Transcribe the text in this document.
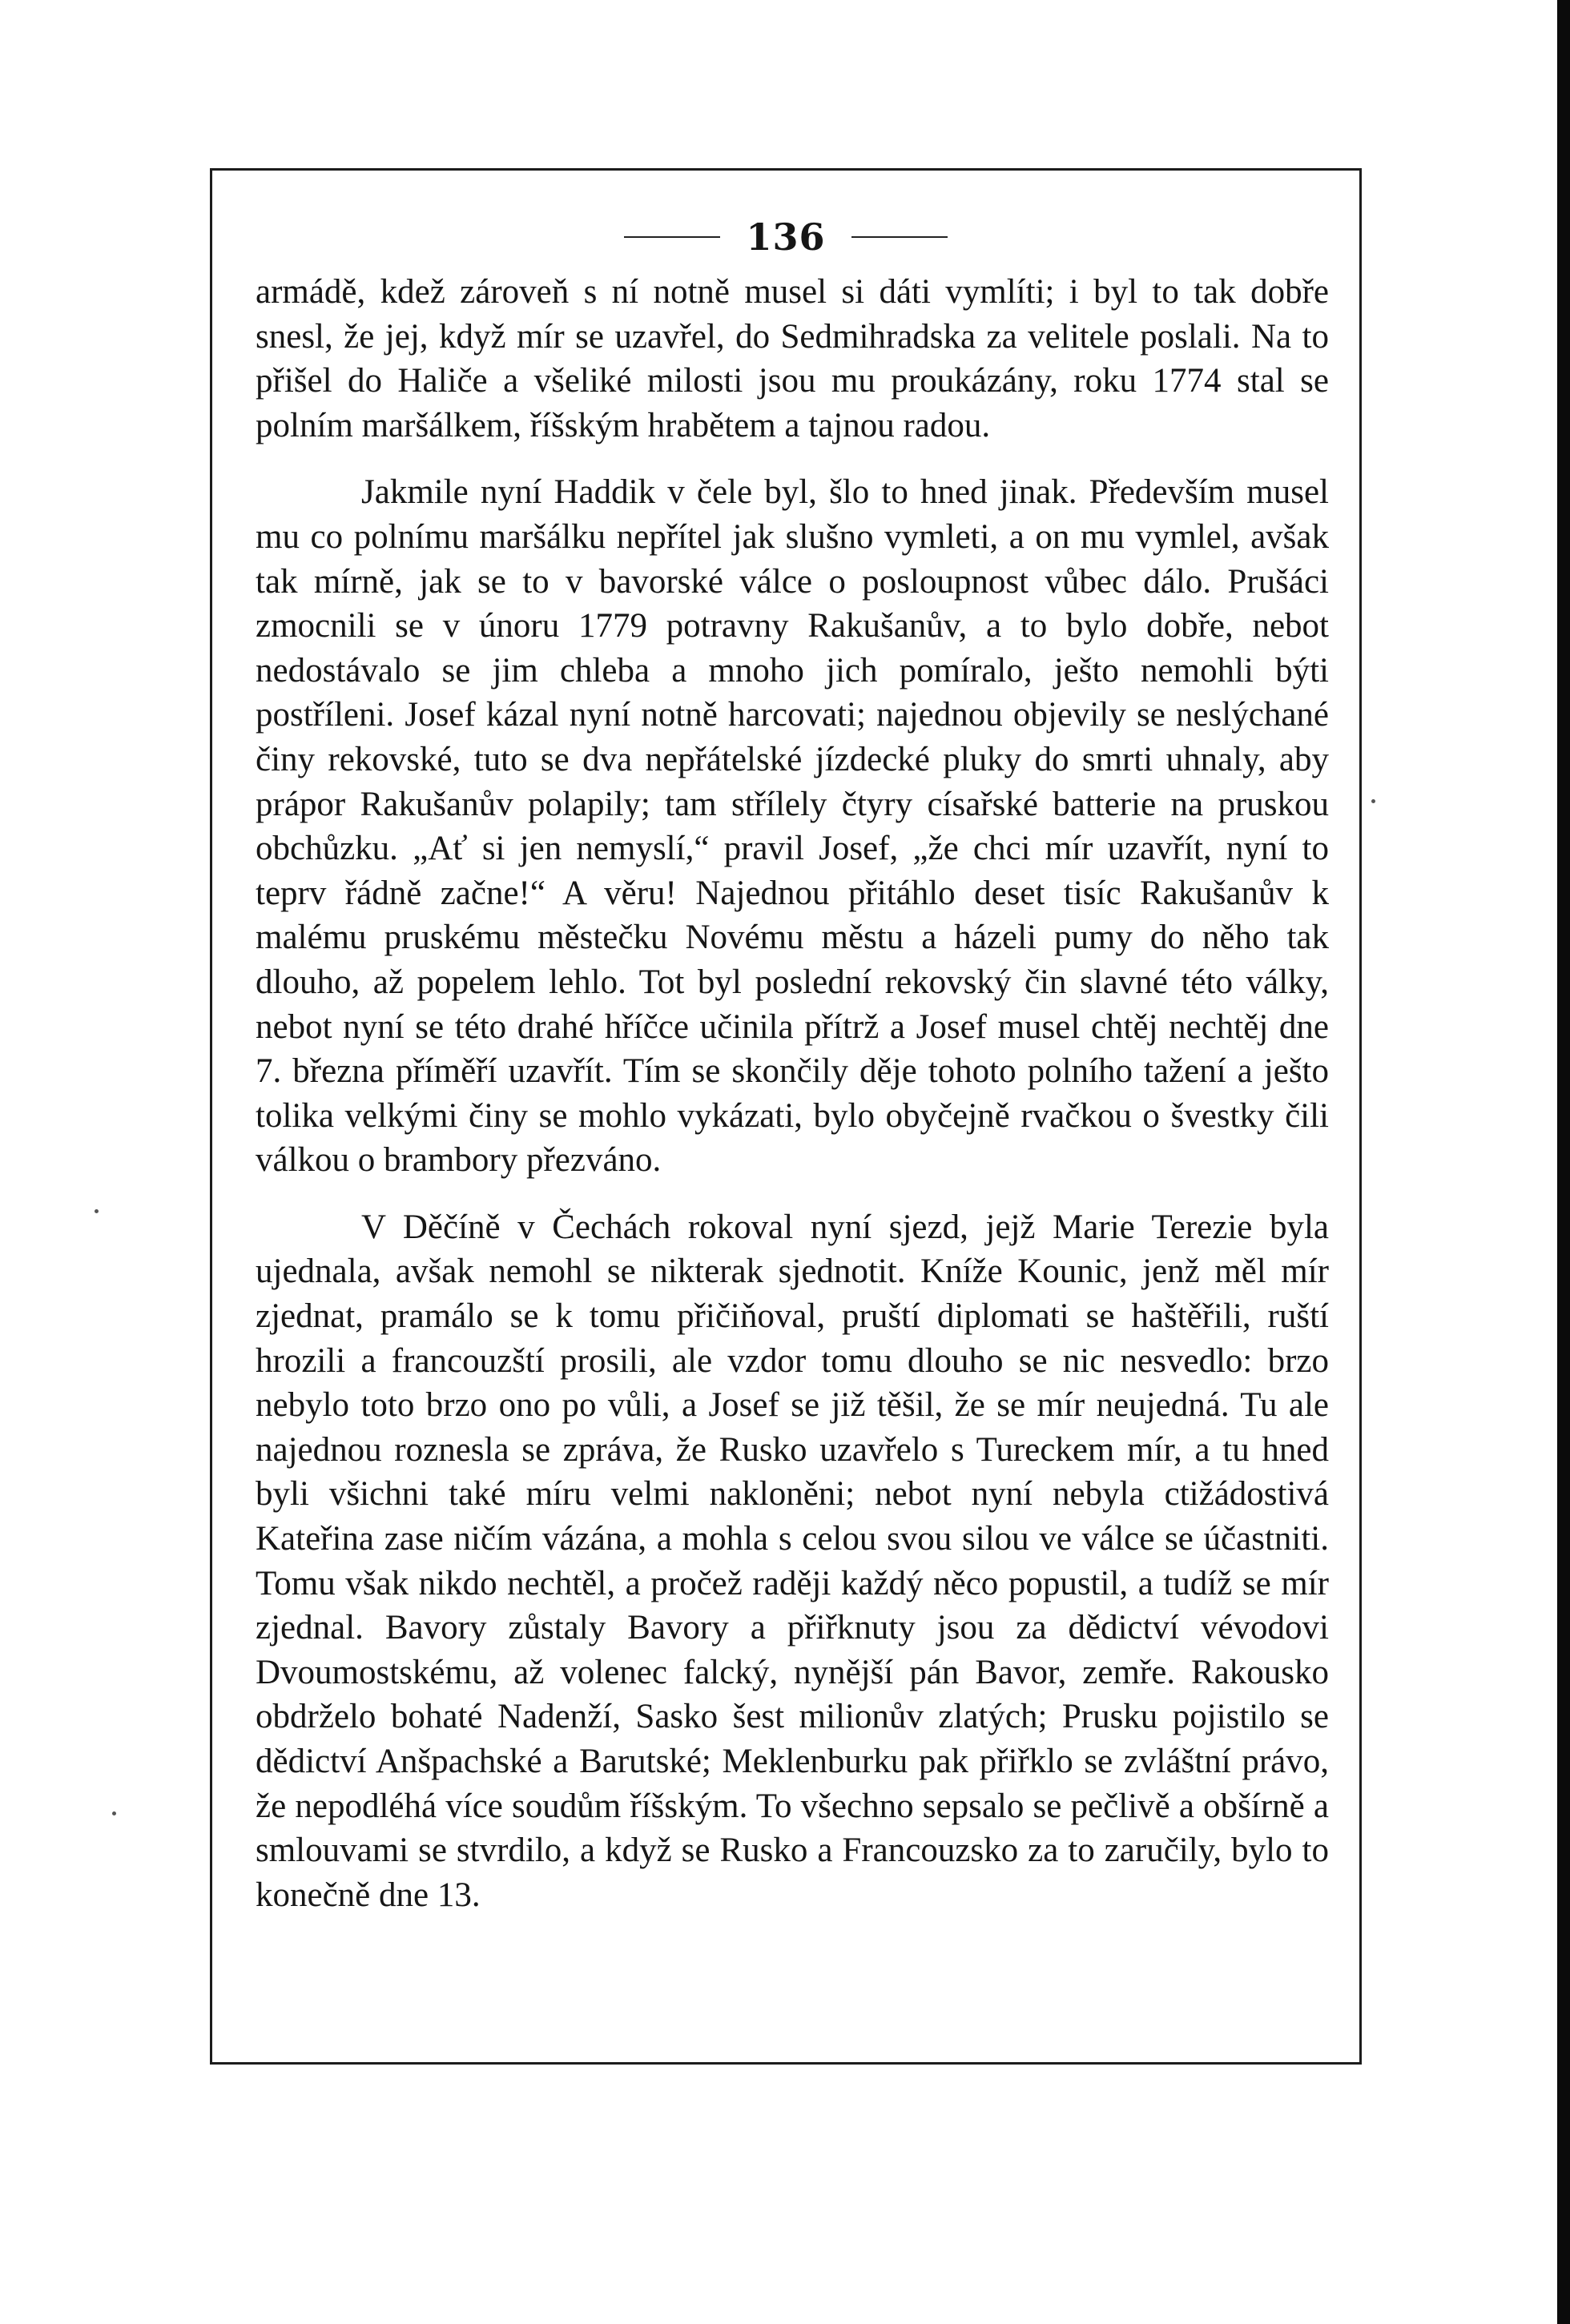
136

armádě, kdež zároveň s ní notně musel si dáti vymlíti; i byl to tak dobře snesl, že jej, když mír se uzavřel, do Sedmihradska za velitele poslali. Na to přišel do Haliče a všeliké milosti jsou mu proukázány, roku 1774 stal se polním maršálkem, říšským hrabětem a tajnou radou.

Jakmile nyní Haddik v čele byl, šlo to hned jinak. Především musel mu co polnímu maršálku nepřítel jak slušno vymleti, a on mu vymlel, avšak tak mírně, jak se to v bavorské válce o posloupnost vůbec dálo. Prušáci zmocnili se v únoru 1779 potravny Rakušanův, a to bylo dobře, nebot nedostávalo se jim chleba a mnoho jich pomíralo, ješto nemohli býti postříleni. Josef kázal nyní notně harcovati; najednou objevily se neslýchané činy rekovské, tuto se dva nepřátelské jízdecké pluky do smrti uhnaly, aby prápor Rakušanův polapily; tam střílely čtyry císařské batterie na pruskou obchůzku. „Ať si jen nemyslí,“ pravil Josef, „že chci mír uzavřít, nyní to teprv řádně začne!“ A věru! Najednou přitáhlo deset tisíc Rakušanův k malému pruskému městečku Novému městu a házeli pumy do něho tak dlouho, až popelem lehlo. Tot byl poslední rekovský čin slavné této války, nebot nyní se této drahé hříčce učinila přítrž a Josef musel chtěj nechtěj dne 7. března příměří uzavřít. Tím se skončily děje tohoto polního tažení a ješto tolika velkými činy se mohlo vykázati, bylo obyčejně rvačkou o švestky čili válkou o brambory přezváno.

V Děčíně v Čechách rokoval nyní sjezd, jejž Marie Terezie byla ujednala, avšak nemohl se nikterak sjednotit. Kníže Kounic, jenž měl mír zjednat, pramálo se k tomu přičiňoval, pruští diplomati se haštěřili, ruští hrozili a francouzští prosili, ale vzdor tomu dlouho se nic nesvedlo: brzo nebylo toto brzo ono po vůli, a Josef se již těšil, že se mír neujedná. Tu ale najednou roznesla se zpráva, že Rusko uzavřelo s Tureckem mír, a tu hned byli všichni také míru velmi nakloněni; nebot nyní nebyla ctižádostivá Kateřina zase ničím vázána, a mohla s celou svou silou ve válce se účastniti. Tomu však nikdo nechtěl, a pročež raději každý něco popustil, a tudíž se mír zjednal. Bavory zůstaly Bavory a přiřknuty jsou za dědictví vévodovi Dvoumostskému, až volenec falcký, nynější pán Bavor, zemře. Rakousko obdrželo bohaté Nadenží, Sasko šest milionův zlatých; Prusku pojistilo se dědictví Anšpachské a Barutské; Meklenburku pak přiřklo se zvláštní právo, že nepodléhá více soudům říšským. To všechno sepsalo se pečlivě a obšírně a smlouvami se stvrdilo, a když se Rusko a Francouzsko za to zaručily, bylo to konečně dne 13.
